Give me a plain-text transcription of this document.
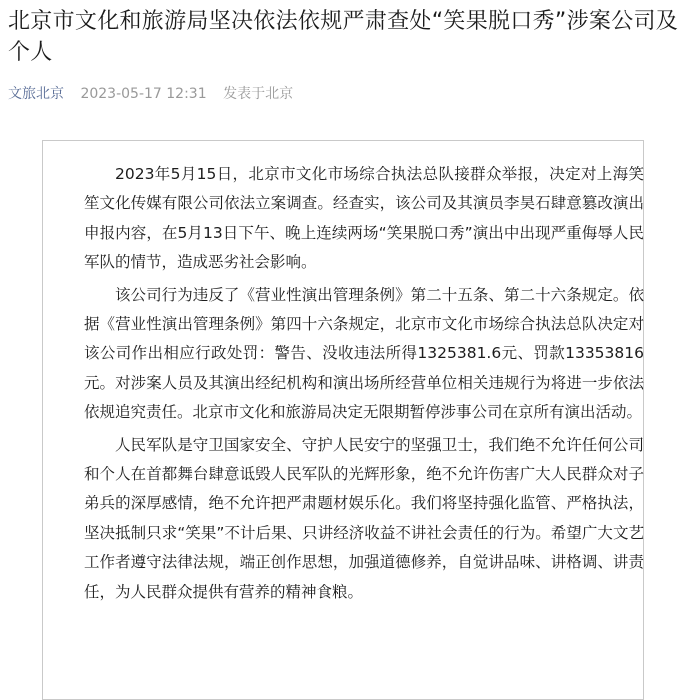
北京市文化和旅游局坚决依法依规严肃查处“笑果脱口秀”涉案公司及个人
文旅北京 2023-05-17 12:31 发表于北京

2023年5月15日，北京市文化市场综合执法总队接群众举报，决定对上海笑笙文化传媒有限公司依法立案调查。经查实，该公司及其演员李昊石肆意篡改演出申报内容，在5月13日下午、晚上连续两场“笑果脱口秀”演出中出现严重侮辱人民军队的情节，造成恶劣社会影响。

该公司行为违反了《营业性演出管理条例》第二十五条、第二十六条规定。依据《营业性演出管理条例》第四十六条规定，北京市文化市场综合执法总队决定对该公司作出相应行政处罚：警告、没收违法所得1325381.6元、罚款13353816元。对涉案人员及其演出经纪机构和演出场所经营单位相关违规行为将进一步依法依规追究责任。北京市文化和旅游局决定无限期暂停涉事公司在京所有演出活动。

人民军队是守卫国家安全、守护人民安宁的坚强卫士，我们绝不允许任何公司和个人在首都舞台肆意诋毁人民军队的光辉形象，绝不允许伤害广大人民群众对子弟兵的深厚感情，绝不允许把严肃题材娱乐化。我们将坚持强化监管、严格执法，坚决抵制只求“笑果”不计后果、只讲经济收益不讲社会责任的行为。希望广大文艺工作者遵守法律法规，端正创作思想，加强道德修养，自觉讲品味、讲格调、讲责任，为人民群众提供有营养的精神食粮。
